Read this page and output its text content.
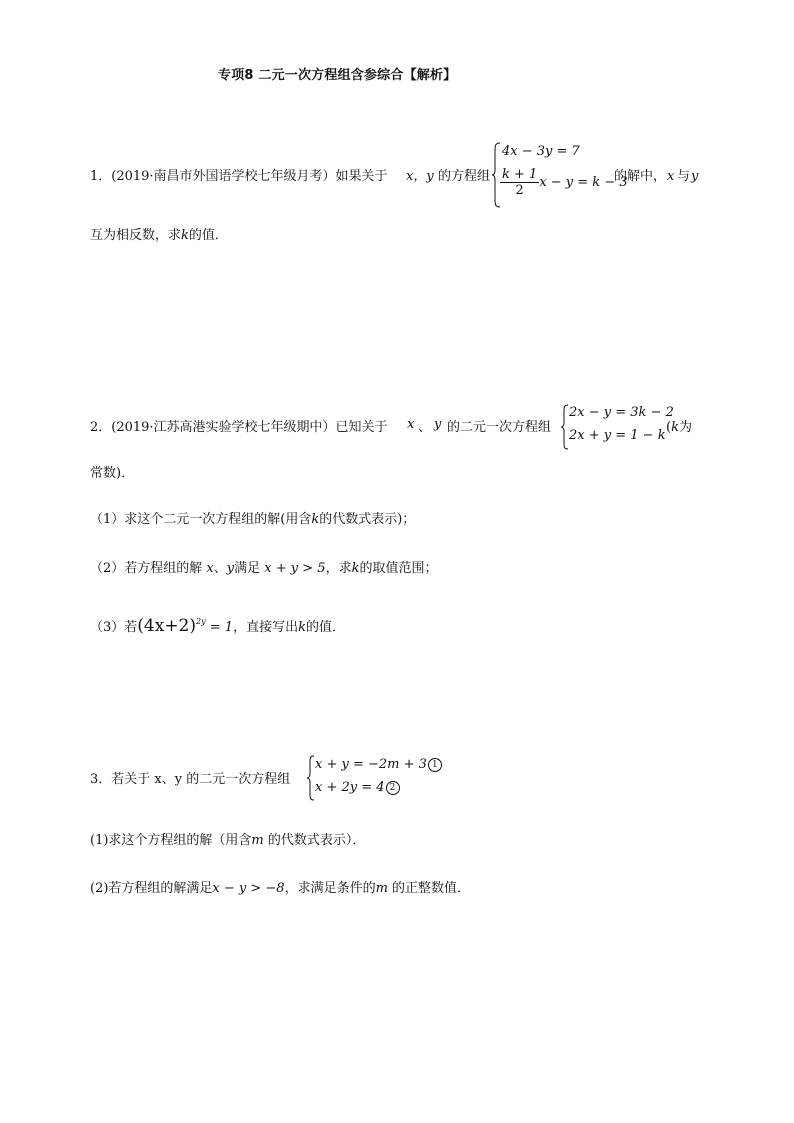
专项8 二元一次方程组含参综合【解析】
1．(2019·南昌市外国语学校七年级月考）如果关于 x，y 的方程组
4x − 3y = 7
$\frac{k + 1}{2}$ x − y = k − 3
的解中， x 与 y
互为相反数，求k的值．
2．(2019·江苏高港实验学校七年级期中）已知关于 x 、 y 的二元一次方程组
2x − y = 3k − 2
2x + y = 1 − k
(k为
常数)．
（1）求这个二元一次方程组的解(用含k的代数式表示)；
（2）若方程组的解 x、y满足 x + y > 5，求k的取值范围；
（3）若$(4x+2)^{2y} = 1$，直接写出k的值．
3．若关于 x、y 的二元一次方程组
x + y = −2m + 3 1
x + 2y = 4 2
(1)求这个方程组的解（用含m 的代数式表示）．
(2)若方程组的解满足x − y > −8，求满足条件的m 的正整数值．
